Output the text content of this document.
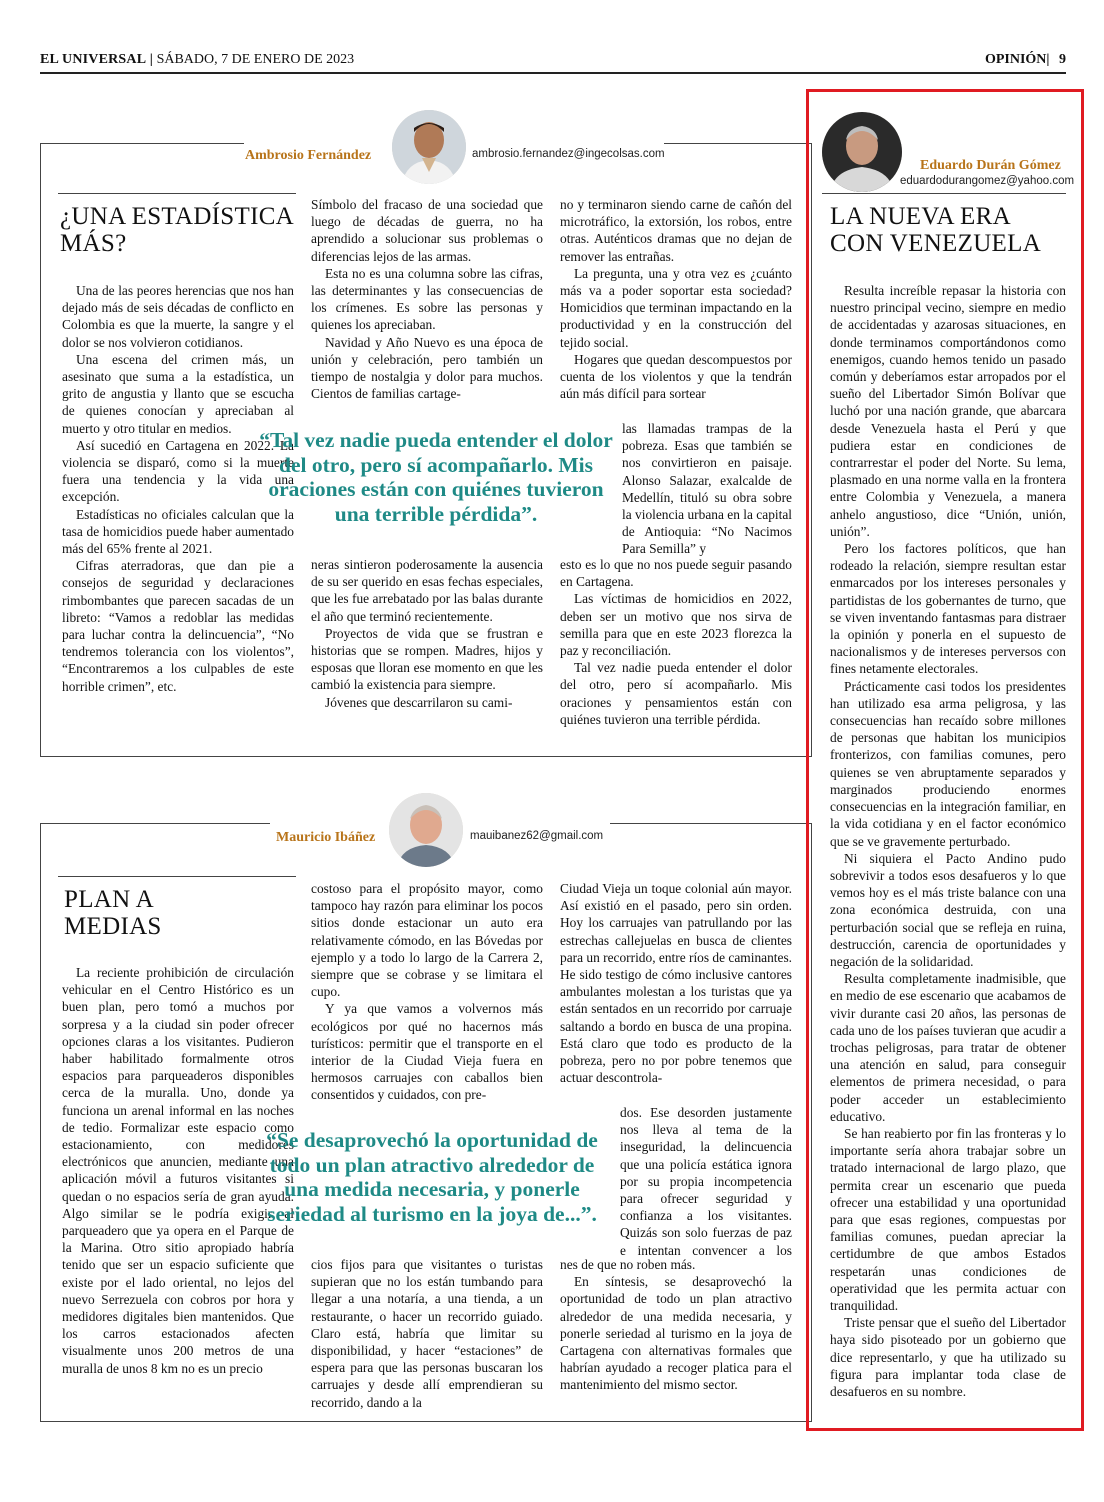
EL UNIVERSAL | SÁBADO, 7 DE ENERO DE 2023	OPINIÓN| 9
Ambrosio Fernández	ambrosio.fernandez@ingecolsas.com
¿UNA ESTADÍSTICA
MÁS?

Una de las peores herencias que nos han dejado más de seis décadas de conflicto en Colombia es que la muerte, la sangre y el dolor se nos volvieron cotidianos.

Una escena del crimen más, un asesinato que suma a la estadística, un grito de angustia y llanto que se escucha de quienes conocían y apreciaban al muerto y otro titular en medios.

Así sucedió en Cartagena en 2022. La violencia se disparó, como si la muerte fuera una tendencia y la vida una excepción.

Estadísticas no oficiales calculan que la tasa de homicidios puede haber aumentado más del 65% frente al 2021.

Cifras aterradoras, que dan pie a consejos de seguridad y declaraciones rimbombantes que parecen sacadas de un libreto: “Vamos a redoblar las medidas para luchar contra la delincuencia”, “No tendremos tolerancia con los violentos”, “Encontraremos a los culpables de este horrible crimen”, etc.

Símbolo del fracaso de una sociedad que luego de décadas de guerra, no ha aprendido a solucionar sus problemas o diferencias lejos de las armas.

Esta no es una columna sobre las cifras, las determinantes y las consecuencias de los crímenes. Es sobre las personas y quienes los apreciaban.

Navidad y Año Nuevo es una época de unión y celebración, pero también un tiempo de nostalgia y dolor para muchos. Cientos de familias cartage-

no y terminaron siendo carne de cañón del microtráfico, la extorsión, los robos, entre otras. Auténticos dramas que no dejan de remover las entrañas.

La pregunta, una y otra vez es ¿cuánto más va a poder soportar esta sociedad? Homicidios que terminan impactando en la productividad y en la construcción del tejido social.

Hogares que quedan descompuestos por cuenta de los violentos y que la tendrán aún más difícil para sortear

las llamadas trampas de la pobreza. Esas que también se nos convirtieron en paisaje. Alonso Salazar, exalcalde de Medellín, tituló su obra sobre la violencia urbana en la capital de Antioquia: “No Nacimos Para Semilla” y

“Tal vez nadie pueda entender el dolor del otro, pero sí acompañarlo. Mis oraciones están con quiénes tuvieron una terrible pérdida”.

neras sintieron poderosamente la ausencia de su ser querido en esas fechas especiales, que les fue arrebatado por las balas durante el año que terminó recientemente.

Proyectos de vida que se frustran e historias que se rompen. Madres, hijos y esposas que lloran ese momento en que les cambió la existencia para siempre.

Jóvenes que descarrilaron su cami-

esto es lo que no nos puede seguir pasando en Cartagena.

Las víctimas de homicidios en 2022, deben ser un motivo que nos sirva de semilla para que en este 2023 florezca la paz y reconciliación.

Tal vez nadie pueda entender el dolor del otro, pero sí acompañarlo. Mis oraciones y pensamientos están con quiénes tuvieron una terrible pérdida.

Mauricio Ibáñez	mauibanez62@gmail.com
PLAN A
MEDIAS

La reciente prohibición de circulación vehicular en el Centro Histórico es un buen plan, pero tomó a muchos por sorpresa y a la ciudad sin poder ofrecer opciones claras a los visitantes. Pudieron haber habilitado formalmente otros espacios para parqueaderos disponibles cerca de la muralla. Uno, donde ya funciona un arenal informal en las noches de tedio. Formalizar este espacio como estacionamiento, con medidores electrónicos que anuncien, mediante una aplicación móvil a futuros visitantes si quedan o no espacios sería de gran ayuda. Algo similar se le podría exigir al parqueadero que ya opera en el Parque de la Marina. Otro sitio apropiado habría tenido que ser un espacio suficiente que existe por el lado oriental, no lejos del nuevo Serrezuela con cobros por hora y medidores digitales bien mantenidos. Que los carros estacionados afecten visualmente unos 200 metros de una muralla de unos 8 km no es un precio

costoso para el propósito mayor, como tampoco hay razón para eliminar los pocos sitios donde estacionar un auto era relativamente cómodo, en las Bóvedas por ejemplo y a todo lo largo de la Carrera 2, siempre que se cobrase y se limitara el cupo.

Y ya que vamos a volvernos más ecológicos por qué no hacernos más turísticos: permitir que el transporte en el interior de la Ciudad Vieja fuera en hermosos carruajes con caballos bien consentidos y cuidados, con pre-

Ciudad Vieja un toque colonial aún mayor. Así existió en el pasado, pero sin orden. Hoy los carruajes van patrullando por las estrechas callejuelas en busca de clientes para un recorrido, entre ríos de caminantes. He sido testigo de cómo inclusive cantores ambulantes molestan a los turistas que ya están sentados en un recorrido por carruaje saltando a bordo en busca de una propina. Está claro que todo es producto de la pobreza, pero no por pobre tenemos que actuar descontrola-

dos. Ese desorden justamente nos lleva al tema de la inseguridad, la delincuencia que una policía estática ignora por su propia incompetencia para ofrecer seguridad y confianza a los visitantes. Quizás son solo fuerzas de paz e intentan convencer a los

“Se desaprovechó la oportunidad de todo un plan atractivo alrededor de una medida necesaria, y ponerle seriedad al turismo en la joya de...”.

cios fijos para que visitantes o turistas supieran que no los están tumbando para llegar a una notaría, a una tienda, a un restaurante, o hacer un recorrido guiado. Claro está, habría que limitar su disponibilidad, y hacer “estaciones” de espera para que las personas buscaran los carruajes y desde allí emprendieran su recorrido, dando a la

nes de que no roben más.

En síntesis, se desaprovechó la oportunidad de todo un plan atractivo alrededor de una medida necesaria, y ponerle seriedad al turismo en la joya de Cartagena con alternativas formales que habrían ayudado a recoger platica para el mantenimiento del mismo sector.

Eduardo Durán Gómez
eduardodurangomez@yahoo.com
LA NUEVA ERA
CON VENEZUELA

Resulta increíble repasar la historia con nuestro principal vecino, siempre en medio de accidentadas y azarosas situaciones, en donde terminamos comportándonos como enemigos, cuando hemos tenido un pasado común y deberíamos estar arropados por el sueño del Libertador Simón Bolívar que luchó por una nación grande, que abarcara desde Venezuela hasta el Perú y que pudiera estar en condiciones de contrarrestar el poder del Norte. Su lema, plasmado en una norme valla en la frontera entre Colombia y Venezuela, a manera anhelo angustioso, dice “Unión, unión, unión”.

Pero los factores políticos, que han rodeado la relación, siempre resultan estar enmarcados por los intereses personales y partidistas de los gobernantes de turno, que se viven inventando fantasmas para distraer la opinión y ponerla en el supuesto de nacionalismos y de intereses perversos con fines netamente electorales.

Prácticamente casi todos los presidentes han utilizado esa arma peligrosa, y las consecuencias han recaído sobre millones de personas que habitan los municipios fronterizos, con familias comunes, pero quienes se ven abruptamente separados y marginados produciendo enormes consecuencias en la integración familiar, en la vida cotidiana y en el factor económico que se ve gravemente perturbado.

Ni siquiera el Pacto Andino pudo sobrevivir a todos esos desafueros y lo que vemos hoy es el más triste balance con una zona económica destruida, con una perturbación social que se refleja en ruina, destrucción, carencia de oportunidades y negación de la solidaridad.

Resulta completamente inadmisible, que en medio de ese escenario que acabamos de vivir durante casi 20 años, las personas de cada uno de los países tuvieran que acudir a trochas peligrosas, para tratar de obtener una atención en salud, para conseguir elementos de primera necesidad, o para poder acceder un establecimiento educativo.

Se han reabierto por fin las fronteras y lo importante sería ahora trabajar sobre un tratado internacional de largo plazo, que permita crear un escenario que pueda ofrecer una estabilidad y una oportunidad para que esas regiones, compuestas por familias comunes, puedan apreciar la certidumbre de que ambos Estados respetarán unas condiciones de operatividad que les permita actuar con tranquilidad.

Triste pensar que el sueño del Libertador haya sido pisoteado por un gobierno que dice representarlo, y que ha utilizado su figura para implantar toda clase de desafueros en su nombre.
